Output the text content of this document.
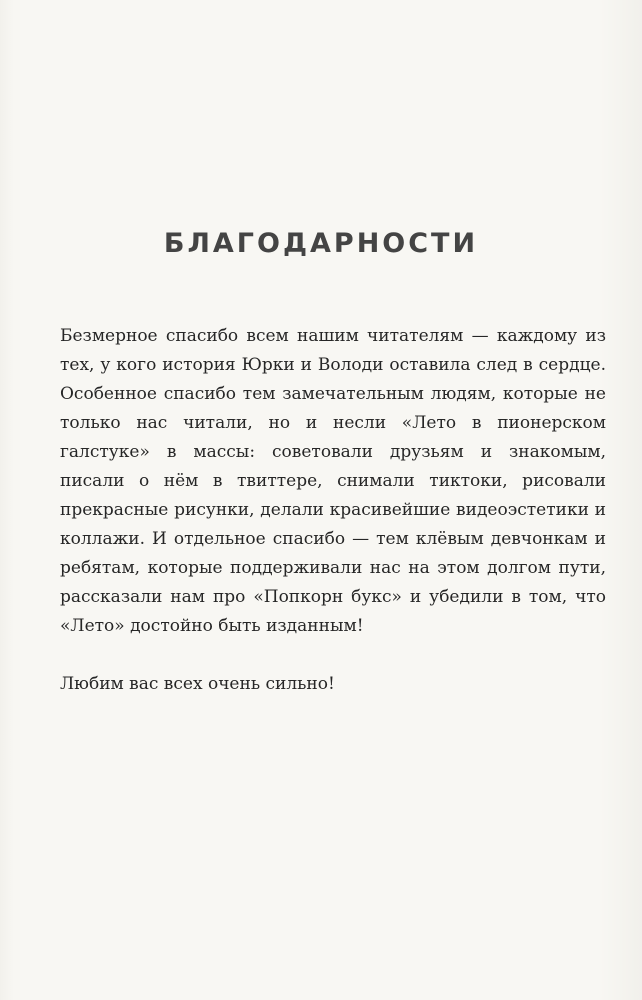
БЛАГОДАРНОСТИ

Безмерное спасибо всем нашим читателям — каждому из тех, у кого история Юрки и Володи оставила след в сердце. Особенное спасибо тем замечательным людям, которые не только нас читали, но и несли «Лето в пионерском галстуке» в массы: советовали друзьям и знакомым, писали о нём в твиттере, снимали тиктоки, рисовали прекрасные рисунки, делали красивейшие видеоэстетики и коллажи. И отдельное спасибо — тем клёвым девчонкам и ребятам, которые поддерживали нас на этом долгом пути, рассказали нам про «Попкорн букс» и убедили в том, что «Лето» достойно быть изданным!

Любим вас всех очень сильно!
